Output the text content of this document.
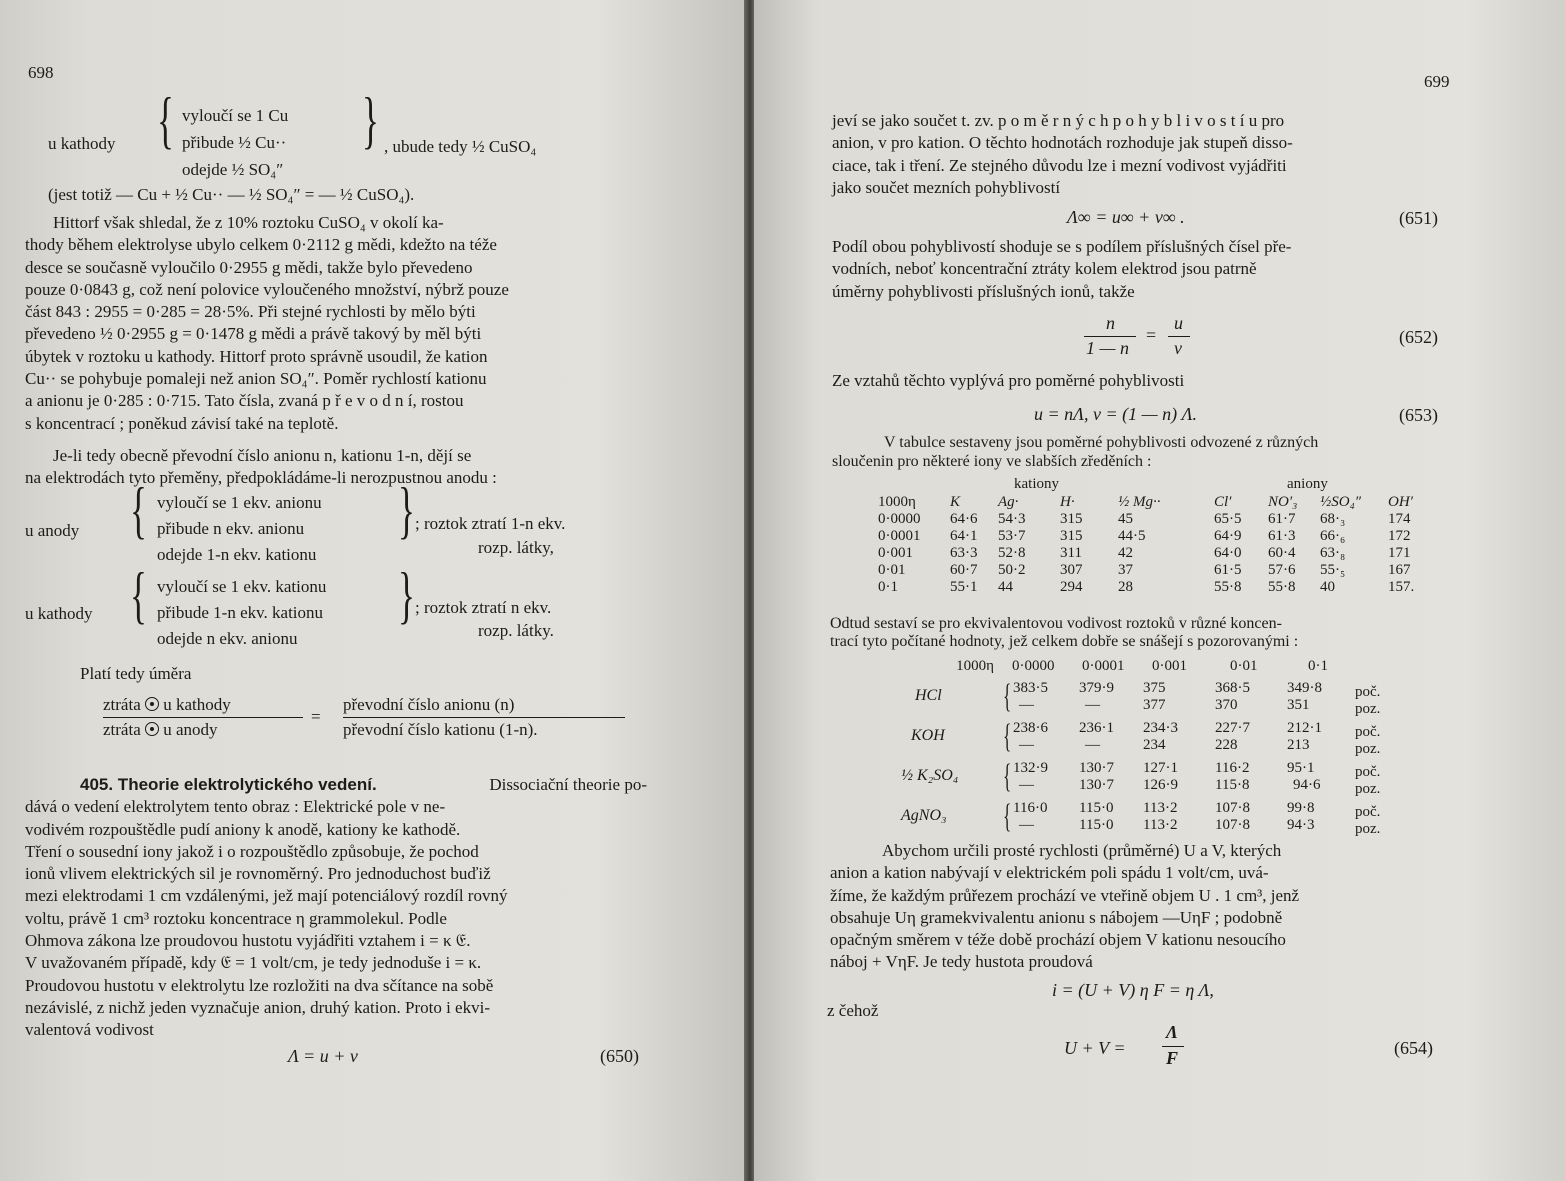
698
u kathody { vyloučí se 1 Cu
přibude ½ Cu··
odejde ½ SO₄″
} , ubude tedy ½ CuSO₄
(jest totiž — Cu + ½ Cu·· — ½ SO₄″ = — ½ CuSO₄).
Hittorf však shledal, že z 10% roztoku CuSO₄ v okolí ka-
thody během elektrolyse ubylo celkem 0·2112 g mědi, kdežto na téže
desce se současně vyloučilo 0·2955 g mědi, takže bylo převedeno
pouze 0·0843 g, což není polovice vyloučeného množství, nýbrž pouze
část 843 : 2955 = 0·285 = 28·5%. Při stejné rychlosti by mělo býti
převedeno ½ 0·2955 g = 0·1478 g mědi a právě takový by měl býti
úbytek v roztoku u kathody. Hittorf proto správně usoudil, že kation
Cu·· se pohybuje pomaleji než anion SO₄″. Poměr rychlostí kationu
a anionu je 0·285 : 0·715. Tato čísla, zvaná p ř e v o d n í, rostou
s koncentrací ; poněkud závisí také na teplotě.
Je-li tedy obecně převodní číslo anionu n, kationu 1-n, dějí se
na elektrodách tyto přeměny, předpokládáme-li nerozpustnou anodu :
u anody { vyloučí se 1 ekv. anionu
přibude n ekv. anionu
odejde 1-n ekv. kationu
} ; roztok ztratí 1-n ekv.
rozp. látky,
u kathody { vyloučí se 1 ekv. kationu
přibude 1-n ekv. kationu
odejde n ekv. anionu
} ; roztok ztratí n ekv.
rozp. látky.
Platí tedy úměra
ztráta u kathody
ztráta u anody
=
převodní číslo anionu (n)
převodní číslo kationu (1-n).
405. Theorie elektrolytického vedení.	Dissociační theorie po-
dává o vedení elektrolytem tento obraz : Elektrické pole v ne-
vodivém rozpouštědle pudí aniony k anodě, kationy ke kathodě.
Tření o sousední iony jakož i o rozpouštědlo způsobuje, že pochod
ionů vlivem elektrických sil je rovnoměrný. Pro jednoduchost buďiž
mezi elektrodami 1 cm vzdálenými, jež mají potenciálový rozdíl rovný
voltu, právě 1 cm³ roztoku koncentrace η grammolekul. Podle
Ohmova zákona lze proudovou hustotu vyjádřiti vztahem i = κ 𝔈.
V uvažovaném případě, kdy 𝔈 = 1 volt/cm, je tedy jednoduše i = κ.
Proudovou hustotu v elektrolytu lze rozložiti na dva sčítance na sobě
nezávislé, z nichž jeden vyznačuje anion, druhý kation. Proto i ekvi-
valentová vodivost
Λ = u + v	(650)
699
jeví se jako součet t. zv. p o m ě r n ý c h p o h y b l i v o s t í u pro
anion, v pro kation. O těchto hodnotách rozhoduje jak stupeň disso-
ciace, tak i tření. Ze stejného důvodu lze i mezní vodivost vyjádřiti
jako součet mezních pohyblivostí
Λ∞ = u∞ + v∞ .	(651)
Podíl obou pohyblivostí shoduje se s podílem příslušných čísel pře-
vodních, neboť koncentrační ztráty kolem elektrod jsou patrně
úměrny pohyblivosti příslušných ionů, takže
n
1 — n
=
u
v
(652)
Ze vztahů těchto vyplývá pro poměrné pohyblivosti
u = nΛ, v = (1 — n) Λ.	(653)
V tabulce sestaveny jsou poměrné pohyblivosti odvozené z různých
sloučenin pro některé iony ve slabších zředěních :
kationy	aniony
1000η	K	Ag·	H·	½ Mg··	Cl′	NO′₃	½SO₄″	OH′
0·0000	64·6	54·3	315	45	65·5	61·7	68·₃	174
0·0001	64·1	53·7	315	44·5	64·9	61·3	66·₆	172
0·001	63·3	52·8	311	42	64·0	60·4	63·₈	171
0·01	60·7	50·2	307	37	61·5	57·6	55·₅	167
0·1	55·1	44	294	28	55·8	55·8	40	157.
Odtud sestaví se pro ekvivalentovou vodivost roztoků v různé koncen-
trací tyto počítané hodnoty, jež celkem dobře se snášejí s pozorovanými :
1000η	0·0000	0·0001	0·001	0·01	0·1	
HCl { 383·5 379·9 375	368·5 349·8 poč.
—	—	377	370	351	poz.
KOH { 238·6 236·1 234·3 227·7 212·1 poč.
—	—	234	228	213	poz.
½ K₂SO₄ { 132·9 130·7 127·1 116·2	95·1	poč.
—	130·7 126·9 115·8	94·6 poz.
AgNO₃ { 116·0 115·0 113·2	107·8 99·8	poč.
—	115·0 113·2	107·8 94·3	poz.
Abychom určili prosté rychlosti (průměrné) U a V, kterých
anion a kation nabývají v elektrickém poli spádu 1 volt/cm, uvá-
žíme, že každým průřezem prochází ve vteřině objem U . 1 cm³, jenž
obsahuje Uη gramekvivalentu anionu s nábojem —UηF ; podobně
opačným směrem v téže době prochází objem V kationu nesoucího
náboj + VηF. Je tedy hustota proudová
i = (U + V) η F = η Λ,
z čehož
U + V =
Λ
F	(654)
